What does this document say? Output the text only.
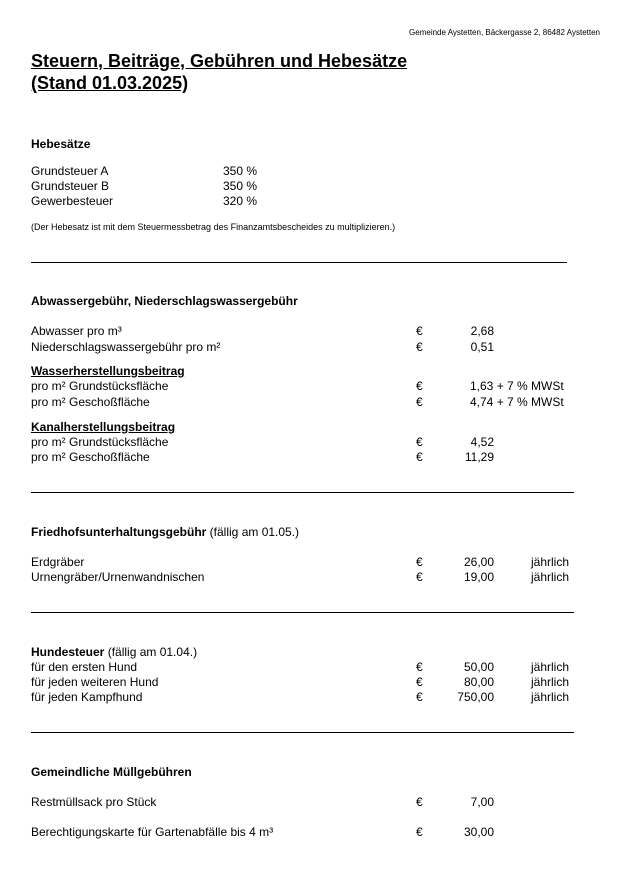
Gemeinde Aystetten, Bäckergasse 2, 86482 Aystetten
Steuern, Beiträge, Gebühren und Hebesätze
(Stand 01.03.2025)
Hebesätze
Grundsteuer A	350 %
Grundsteuer B	350 %
Gewerbesteuer	320 %
(Der Hebesatz ist mit dem Steuermessbetrag des Finanzamtsbescheides zu multiplizieren.)
Abwassergebühr, Niederschlagswassergebühr
Abwasser pro m³	€	2,68
Niederschlagswassergebühr pro m²	€	0,51
Wasserherstellungsbeitrag
pro m² Grundstücksfläche	€	1,63 + 7 % MWSt
pro m² Geschoßfläche	€	4,74 + 7 % MWSt
Kanalherstellungsbeitrag
pro m² Grundstücksfläche	€	4,52
pro m² Geschoßfläche	€	11,29
Friedhofsunterhaltungsgebühr (fällig am 01.05.)
Erdgräber	€	26,00	jährlich
Urnengräber/Urnenwandnischen	€	19,00	jährlich
Hundesteuer (fällig am 01.04.)
für den ersten Hund	€	50,00	jährlich
für jeden weiteren Hund	€	80,00	jährlich
für jeden Kampfhund	€	750,00	jährlich
Gemeindliche Müllgebühren
Restmüllsack pro Stück	€	7,00
Berechtigungskarte für Gartenabfälle bis 4 m³	€	30,00
